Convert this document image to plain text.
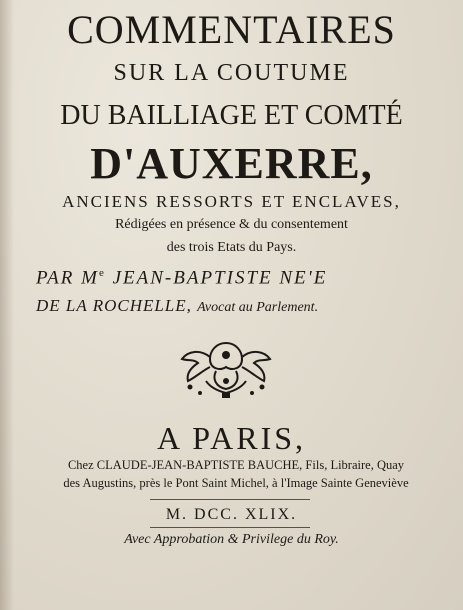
COMMENTAIRES
SUR LA COUTUME
DU BAILLIAGE ET COMTÉ
D'AUXERRE,
ANCIENS RESSORTS ET ENCLAVES,
Rédigées en présence & du consentement
des trois Etats du Pays.
PAR Me JEAN-BAPTISTE NE'E
DE LA ROCHELLE, Avocat au Parlement.
A PARIS,
Chez CLAUDE-JEAN-BAPTISTE BAUCHE, Fils, Libraire, Quay
des Augustins, près le Pont Saint Michel, à l'Image Sainte Geneviève
M. DCC. XLIX.
Avec Approbation & Privilege du Roy.
